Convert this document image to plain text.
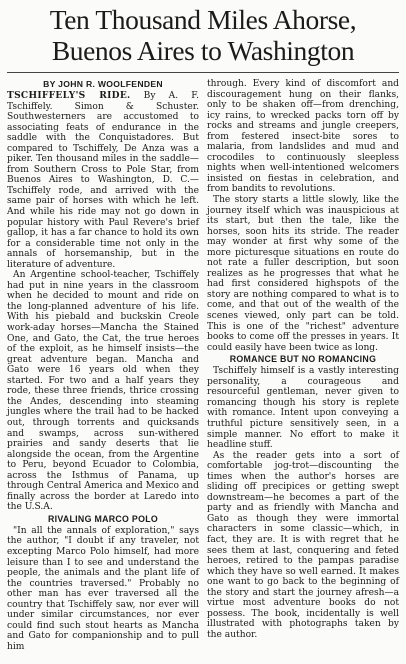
Ten Thousand Miles Ahorse,
Buenos Aires to Washington
BY JOHN R. WOOLFENDEN

TSCHIFFELY'S RIDE. By A. F. Tschiffely. Simon & Schuster. Southwesterners are accustomed to associating feats of endurance in the saddle with the Conquistadores. But compared to Tschiffely, De Anza was a piker. Ten thousand miles in the saddle—from Southern Cross to Pole Star, from Buenos Aires to Washington, D. C.—Tschiffely rode, and arrived with the same pair of horses with which he left. And while his ride may not go down in popular history with Paul Revere's brief gallop, it has a far chance to hold its own for a considerable time not only in the annals of horsemanship, but in the literature of adventure.

An Argentine school-teacher, Tschiffely had put in nine years in the classroom when he decided to mount and ride on the long-planned adventure of his life. With his piebald and buckskin Creole work-aday horses—Mancha the Stained One, and Gato, the Cat, the true heroes of the exploit, as he himself insists—the great adventure began. Mancha and Gato were 16 years old when they started. For two and a half years they rode, these three friends, thrice crossing the Andes, descending into steaming jungles where the trail had to be hacked out, through torrents and quicksands and swamps, across sun-withered prairies and sandy deserts that lie alongside the ocean, from the Argentine to Peru, beyond Ecuador to Colombia, across the Isthmus of Panama, up through Central America and Mexico and finally across the border at Laredo into the U.S.A.

RIVALING MARCO POLO

"In all the annals of exploration," says the author, "I doubt if any traveler, not excepting Marco Polo himself, had more leisure than I to see and understand the people, the animals and the plant life of the countries traversed." Probably no other man has ever traversed all the country that Tschiffely saw, nor ever will under similar circumstances, nor ever could find such stout hearts as Mancha and Gato for companionship and to pull him

through. Every kind of discomfort and discouragement hung on their flanks, only to be shaken off—from drenching, icy rains, to wrecked packs torn off by rocks and streams and jungle creepers, from festered insect-bite sores to malaria, from landslides and mud and crocodiles to continuously sleepless nights when well-intentioned welcomers insisted on fiestas in celebration, and from bandits to revolutions.

The story starts a little slowly, like the journey itself which was inauspicious at its start, but then the tale, like the horses, soon hits its stride. The reader may wonder at first why some of the more picturesque situations en route do not rate a fuller description, but soon realizes as he progresses that what he had first considered highspots of the story are nothing compared to what is to come, and that out of the wealth of the scenes viewed, only part can be told. This is one of the "richest" adventure books to come off the presses in years. It could easily have been twice as long.

ROMANCE BUT NO ROMANCING

Tschiffely himself is a vastly interesting personality, a courageous and resourceful gentleman, never given to romancing though his story is replete with romance. Intent upon conveying a truthful picture sensitively seen, in a simple manner. No effort to make it headline stuff.

As the reader gets into a sort of comfortable jog-trot—discounting the times when the author's horses are sliding off precipices or getting swept downstream—he becomes a part of the party and as friendly with Mancha and Gato as though they were immortal characters in some classic—which, in fact, they are. It is with regret that he sees them at last, conquering and feted heroes, retired to the pampas paradise which they have so well earned. It makes one want to go back to the beginning of the story and start the journey afresh—a virtue most adventure books do not possess. The book, incidentally is well illustrated with photographs taken by the author.
